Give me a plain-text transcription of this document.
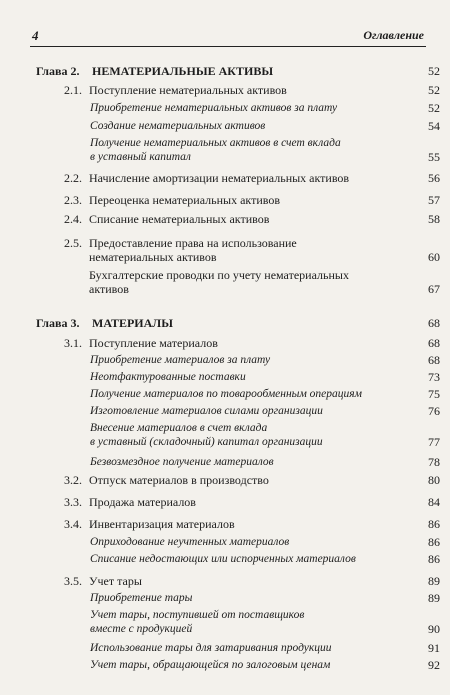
4	Оглавление
Глава 2. НЕМАТЕРИАЛЬНЫЕ АКТИВЫ	52
2.1. Поступление нематериальных активов	52
Приобретение нематериальных активов за плату	52
Создание нематериальных активов	54
Получение нематериальных активов в счет вклада
в уставный капитал	55
2.2. Начисление амортизации нематериальных активов	56
2.3. Переоценка нематериальных активов	57
2.4. Списание нематериальных активов	58
2.5. Предоставление права на использование
нематериальных активов	60
Бухгалтерские проводки по учету нематериальных
активов	67
Глава 3. МАТЕРИАЛЫ	68
3.1. Поступление материалов	68
Приобретение материалов за плату	68
Неотфактурованные поставки	73
Получение материалов по товарообменным операциям	75
Изготовление материалов силами организации	76
Внесение материалов в счет вклада
в уставный (складочный) капитал организации	77
Безвозмездное получение материалов	78
3.2. Отпуск материалов в производство	80
3.3. Продажа материалов	84
3.4. Инвентаризация материалов	86
Оприходование неучтенных материалов	86
Списание недостающих или испорченных материалов	86
3.5. Учет тары	89
Приобретение тары	89
Учет тары, поступившей от поставщиков
вместе с продукцией	90
Использование тары для затаривания продукции	91
Учет тары, обращающейся по залоговым ценам	92
